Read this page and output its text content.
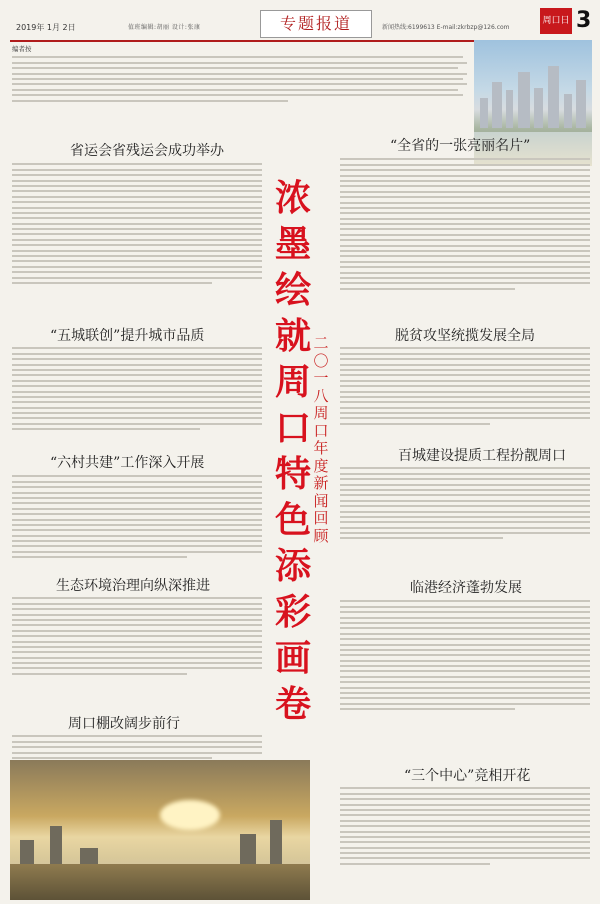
2019年 1月 2日	值班编辑:胡丽 设计:张康	专题报道	新闻热线:6199613 E-mail:zkrbzp@126.com
周口日 3
编者按
省运会省残运会成功举办	“全省的一张亮丽名片”
“五城联创”提升城市品质	脱贫攻坚统揽发展全局
“六村共建”工作深入开展	百城建设提质工程扮靓周口
生态环境治理向纵深推进	临港经济蓬勃发展
周口棚改阔步前行
“三个中心”竞相开花
浓
墨
绘
就
周
口
特
色
添
彩
画
卷
二
〇
一
八
周
口
年
度
新
闻
回
顾
